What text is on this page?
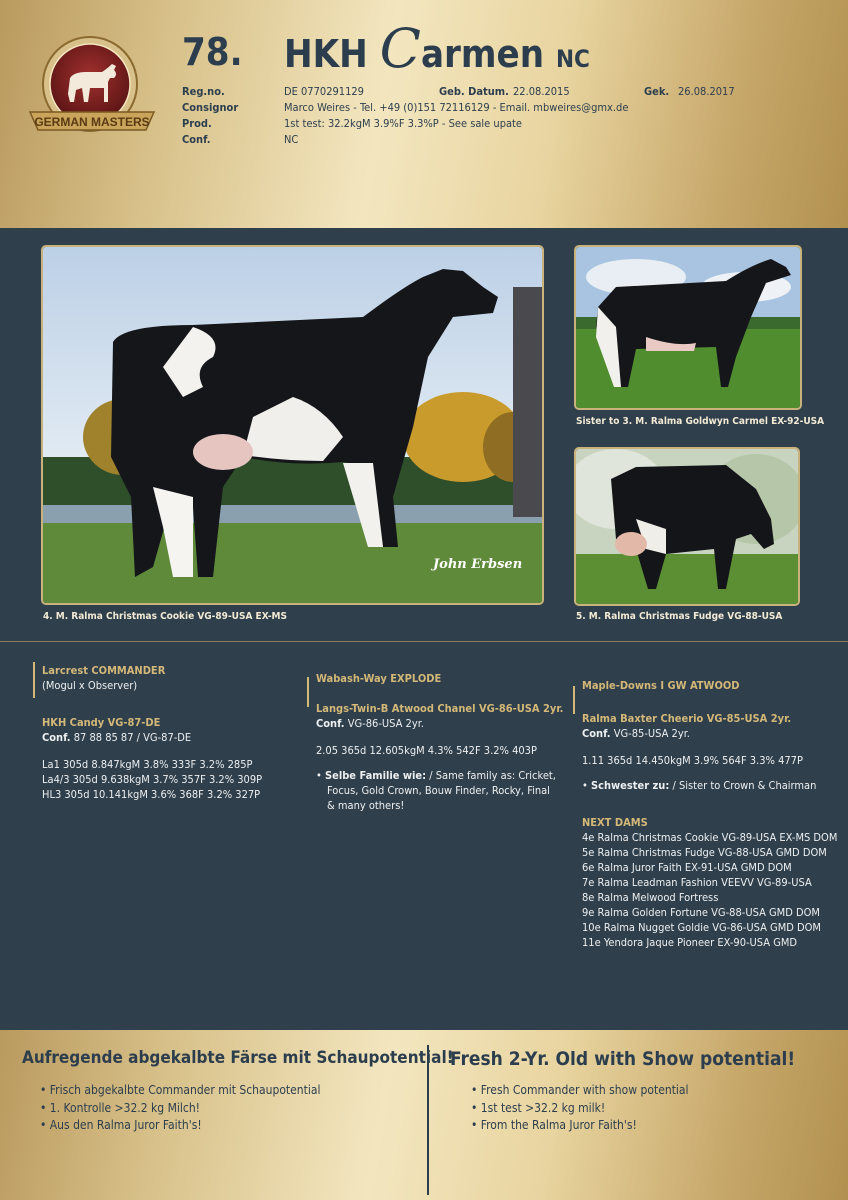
GERMAN MASTERS
78. HKH Carmen NC
Reg.no.	DE 0770291129	Geb. Datum. 22.08.2015	Gek. 26.08.2017
Consignor	Marco Weires - Tel. +49 (0)151 72116129 - Email. mbweires@gmx.de
Prod.	1st test: 32.2kgM 3.9%F 3.3%P - See sale upate
Conf.	NC
John Erbsen
4. M. Ralma Christmas Cookie VG-89-USA EX-MS
Sister to 3. M. Ralma Goldwyn Carmel EX-92-USA
5. M. Ralma Christmas Fudge VG-88-USA

Larcrest COMMANDER

(Mogul x Observer)

HKH Candy VG-87-DE

Conf. 87 88 85 87 / VG-87-DE

La1 305d 8.847kgM 3.8% 333F 3.2% 285P

La4/3 305d 9.638kgM 3.7% 357F 3.2% 309P

HL3 305d 10.141kgM 3.6% 368F 3.2% 327P

Wabash-Way EXPLODE

Langs-Twin-B Atwood Chanel VG-86-USA 2yr.

Conf. VG-86-USA 2yr.

2.05 365d 12.605kgM 4.3% 542F 3.2% 403P

• Selbe Familie wie: / Same family as: Cricket,

Focus, Gold Crown, Bouw Finder, Rocky, Final

& many others!

Maple-Downs I GW ATWOOD

Ralma Baxter Cheerio VG-85-USA 2yr.

Conf. VG-85-USA 2yr.

1.11 365d 14.450kgM 3.9% 564F 3.3% 477P

• Schwester zu: / Sister to Crown & Chairman

NEXT DAMS

4e Ralma Christmas Cookie VG-89-USA EX-MS DOM

5e Ralma Christmas Fudge VG-88-USA GMD DOM

6e Ralma Juror Faith EX-91-USA GMD DOM

7e Ralma Leadman Fashion VEEVV VG-89-USA

8e Ralma Melwood Fortress

9e Ralma Golden Fortune VG-88-USA GMD DOM

10e Ralma Nugget Goldie VG-86-USA GMD DOM

11e Yendora Jaque Pioneer EX-90-USA GMD

Aufregende abgekalbte Färse mit Schaupotential!
• Frisch abgekalbte Commander mit Schaupotential
• 1. Kontrolle >32.2 kg Milch!
• Aus den Ralma Juror Faith's!
Fresh 2-Yr. Old with Show potential!
• Fresh Commander with show potential
• 1st test >32.2 kg milk!
• From the Ralma Juror Faith's!
